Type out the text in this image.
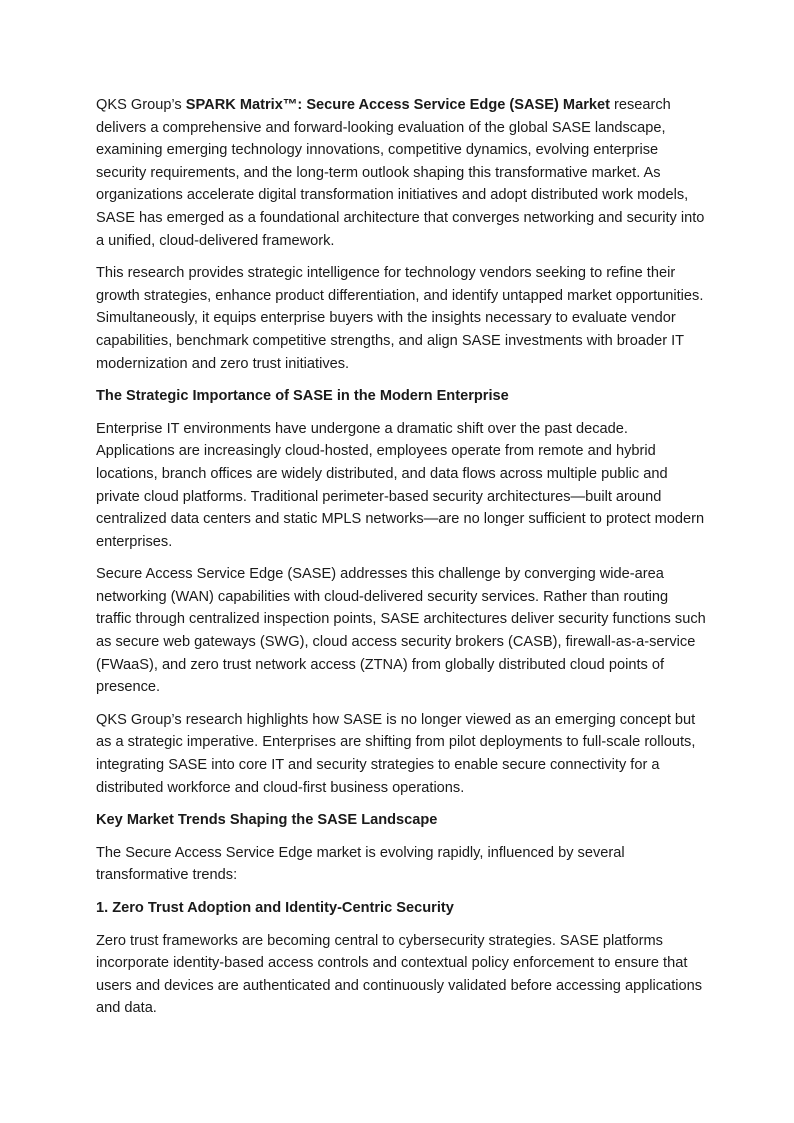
QKS Group’s SPARK Matrix™: Secure Access Service Edge (SASE) Market research delivers a comprehensive and forward-looking evaluation of the global SASE landscape, examining emerging technology innovations, competitive dynamics, evolving enterprise security requirements, and the long-term outlook shaping this transformative market. As organizations accelerate digital transformation initiatives and adopt distributed work models, SASE has emerged as a foundational architecture that converges networking and security into a unified, cloud-delivered framework.

This research provides strategic intelligence for technology vendors seeking to refine their growth strategies, enhance product differentiation, and identify untapped market opportunities. Simultaneously, it equips enterprise buyers with the insights necessary to evaluate vendor capabilities, benchmark competitive strengths, and align SASE investments with broader IT modernization and zero trust initiatives.

The Strategic Importance of SASE in the Modern Enterprise

Enterprise IT environments have undergone a dramatic shift over the past decade. Applications are increasingly cloud-hosted, employees operate from remote and hybrid locations, branch offices are widely distributed, and data flows across multiple public and private cloud platforms. Traditional perimeter-based security architectures—built around centralized data centers and static MPLS networks—are no longer sufficient to protect modern enterprises.

Secure Access Service Edge (SASE) addresses this challenge by converging wide-area networking (WAN) capabilities with cloud-delivered security services. Rather than routing traffic through centralized inspection points, SASE architectures deliver security functions such as secure web gateways (SWG), cloud access security brokers (CASB), firewall-as-a-service (FWaaS), and zero trust network access (ZTNA) from globally distributed cloud points of presence.

QKS Group’s research highlights how SASE is no longer viewed as an emerging concept but as a strategic imperative. Enterprises are shifting from pilot deployments to full-scale rollouts, integrating SASE into core IT and security strategies to enable secure connectivity for a distributed workforce and cloud-first business operations.

Key Market Trends Shaping the SASE Landscape

The Secure Access Service Edge market is evolving rapidly, influenced by several transformative trends:

1. Zero Trust Adoption and Identity-Centric Security

Zero trust frameworks are becoming central to cybersecurity strategies. SASE platforms incorporate identity-based access controls and contextual policy enforcement to ensure that users and devices are authenticated and continuously validated before accessing applications and data.
